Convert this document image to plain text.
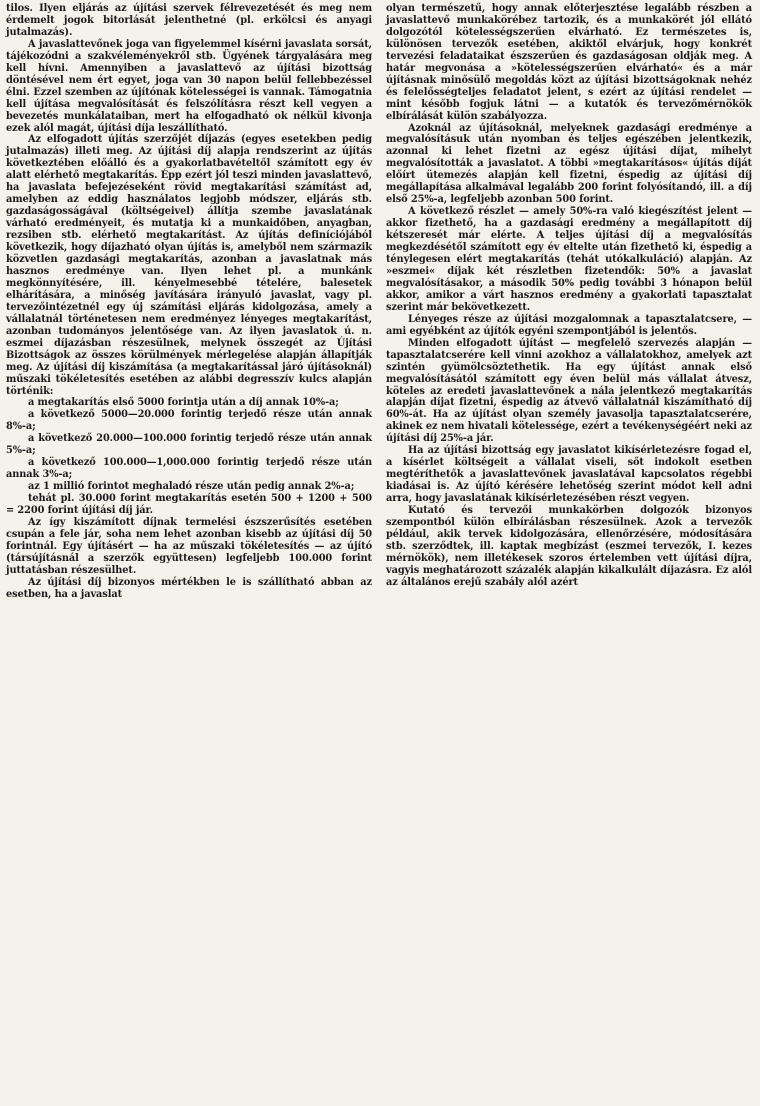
tilos. Ilyen eljárás az újítási szervek félrevezetését és meg nem érdemelt jogok bitorlását jelenthetné (pl. erkölcsi és anyagi jutalmazás).

A javaslattevőnek joga van figyelemmel kísérni javaslata sorsát, tájékozódni a szakvéleményekről stb. Ügyének tárgyalására meg kell hívni. Amennyiben a javaslattevő az újítási bizottság döntésével nem ért egyet, joga van 30 napon belül fellebbezéssel élni. Ezzel szemben az újítónak kötelességei is vannak. Támogatnia kell újítása megvalósítását és felszólításra részt kell vegyen a bevezetés munkálataiban, mert ha elfogadható ok nélkül kivonja ezek alól magát, újítási díja leszállítható.

Az elfogadott újítás szerzőjét díjazás (egyes esetekben pedig jutalmazás) illeti meg. Az újítási díj alapja rendszerint az újítás következtében előálló és a gyakorlatbavételtől számított egy év alatt elérhető megtakarítás. Épp ezért jól teszi minden javaslattevő, ha javaslata befejezéseként rövid megtakarítási számítást ad, amelyben az eddig használatos legjobb módszer, eljárás stb. gazdaságosságával (költségeivel) állítja szembe javaslatának várható eredményeit, és mutatja ki a munkaidőben, anyagban, rezsiben stb. elérhető megtakarítást. Az újítás definíciójából következik, hogy díjazható olyan újítás is, amelyből nem származik közvetlen gazdasági megtakarítás, azonban a javaslatnak más hasznos eredménye van. Ilyen lehet pl. a munkánk megkönnyítésére, ill. kényelmesebbé tételére, balesetek elhárítására, a minőség javítására irányuló javaslat, vagy pl. tervezőintézetnél egy új számítási eljárás kidolgozása, amely a vállalatnál történetesen nem eredményez lényeges megtakarítást, azonban tudományos jelentősége van. Az ilyen javaslatok ú. n. eszmei díjazásban részesülnek, melynek összegét az Újítási Bizottságok az összes körülmények mérlegelése alapján állapítják meg. Az újítási díj kiszámítása (a megtakarítással járó újításoknál) műszaki tökéletesítés esetében az alábbi degresszív kulcs alapján történik:

a megtakarítás első 5000 forintja után a díj annak 10%-a;

a következő 5000—20.000 forintig terjedő része után annak 8%-a;

a következő 20.000—100.000 forintig terjedő része után annak 5%-a;

a következő 100.000—1,000.000 forintig terjedő része után annak 3%-a;

az 1 millió forintot meghaladó része után pedig annak 2%-a;

tehát pl. 30.000 forint megtakarítás esetén 500 + 1200 + 500 = 2200 forint újítási díj jár.

Az így kiszámított díjnak termelési észszerűsítés esetében csupán a fele jár, soha nem lehet azonban kisebb az újítási díj 50 forintnál. Egy újításért — ha az műszaki tökéletesítés — az újító (társújításnál a szerzők együttesen) legfeljebb 100.000 forint juttatásban részesülhet.

Az újítási díj bizonyos mértékben le is szállítható abban az esetben, ha a javaslat

olyan természetű, hogy annak előterjesztése legalább részben a javaslattevő munkakörébez tartozik, és a munkakörét jól ellátó dolgozótól kötelességszerűen elvárható. Ez természetes is, különösen tervezők esetében, akiktől elvárjuk, hogy konkrét tervezési feladataikat észszerűen és gazdaságosan oldják meg. A határ megvonása a »kötelességszerűen elvárható« és a már újításnak minősülő megoldás közt az újítási bizottságoknak nehéz és felelősségteljes feladatot jelent, s ezért az újítási rendelet — mint később fogjuk látni — a kutatók és tervezőmérnökök elbírálását külön szabályozza.

Azoknál az újításoknál, melyeknek gazdasági eredménye a megvalósításuk után nyomban és teljes egészében jelentkezik, azonnal ki lehet fizetni az egész újítási díjat, mihelyt megvalósították a javaslatot. A többi »megtakarításos« újítás díját előírt ütemezés alapján kell fizetni, éspedig az újítási díj megállapítása alkalmával legalább 200 forint folyósítandó, ill. a díj első 25%-a, legfeljebb azonban 500 forint.

A következő részlet — amely 50%-ra való kiegészítést jelent — akkor fizethető, ha a gazdasági eredmény a megállapított díj kétszeresét már elérte. A teljes újítási díj a megvalósítás megkezdésétől számított egy év eltelte után fizethető ki, éspedig a ténylegesen elért megtakarítás (tehát utókalkuláció) alapján. Az »eszmei« díjak két részletben fizetendők: 50% a javaslat megvalósításakor, a második 50% pedig további 3 hónapon belül akkor, amikor a várt hasznos eredmény a gyakorlati tapasztalat szerint már bekövetkezett.

Lényeges része az újítási mozgalomnak a tapasztalatcsere, — ami egyébként az újítók egyéni szempontjából is jelentős.

Minden elfogadott újítást — megfelelő szervezés alapján — tapasztalatcserére kell vinni azokhoz a vállalatokhoz, amelyek azt szintén gyümölcsöztethetik. Ha egy újítást annak első megvalósításától számított egy éven belül más vállalat átvesz, köteles az eredeti javaslattevőnek a nála jelentkező megtakarítás alapján díjat fizetni, éspedig az átvevő vállalatnál kiszámítható díj 60%-át. Ha az újítást olyan személy javasolja tapasztalatcserére, akinek ez nem hivatali kötelessége, ezért a tevékenységéért neki az újítási díj 25%-a jár.

Ha az újítási bizottság egy javaslatot kikísérletezésre fogad el, a kísérlet költségeit a vállalat viseli, sőt indokolt esetben megtéríthetők a javaslattevőnek javaslatával kapcsolatos régebbi kiadásai is. Az újító kérésére lehetőség szerint módot kell adni arra, hogy javaslatának kikísérletezésében részt vegyen.

Kutató és tervezői munkakörben dolgozók bizonyos szempontból külön elbírálásban részesülnek. Azok a tervezők például, akik tervek kidolgozására, ellenőrzésére, módosítására stb. szerződtek, ill. kaptak megbízást (eszmei tervezők, I. kezes mérnökök), nem illetékesek szoros értelemben vett újítási díjra, vagyis meghatározott százalék alapján kikalkulált díjazásra. Ez alól az általános erejű szabály alól azért
